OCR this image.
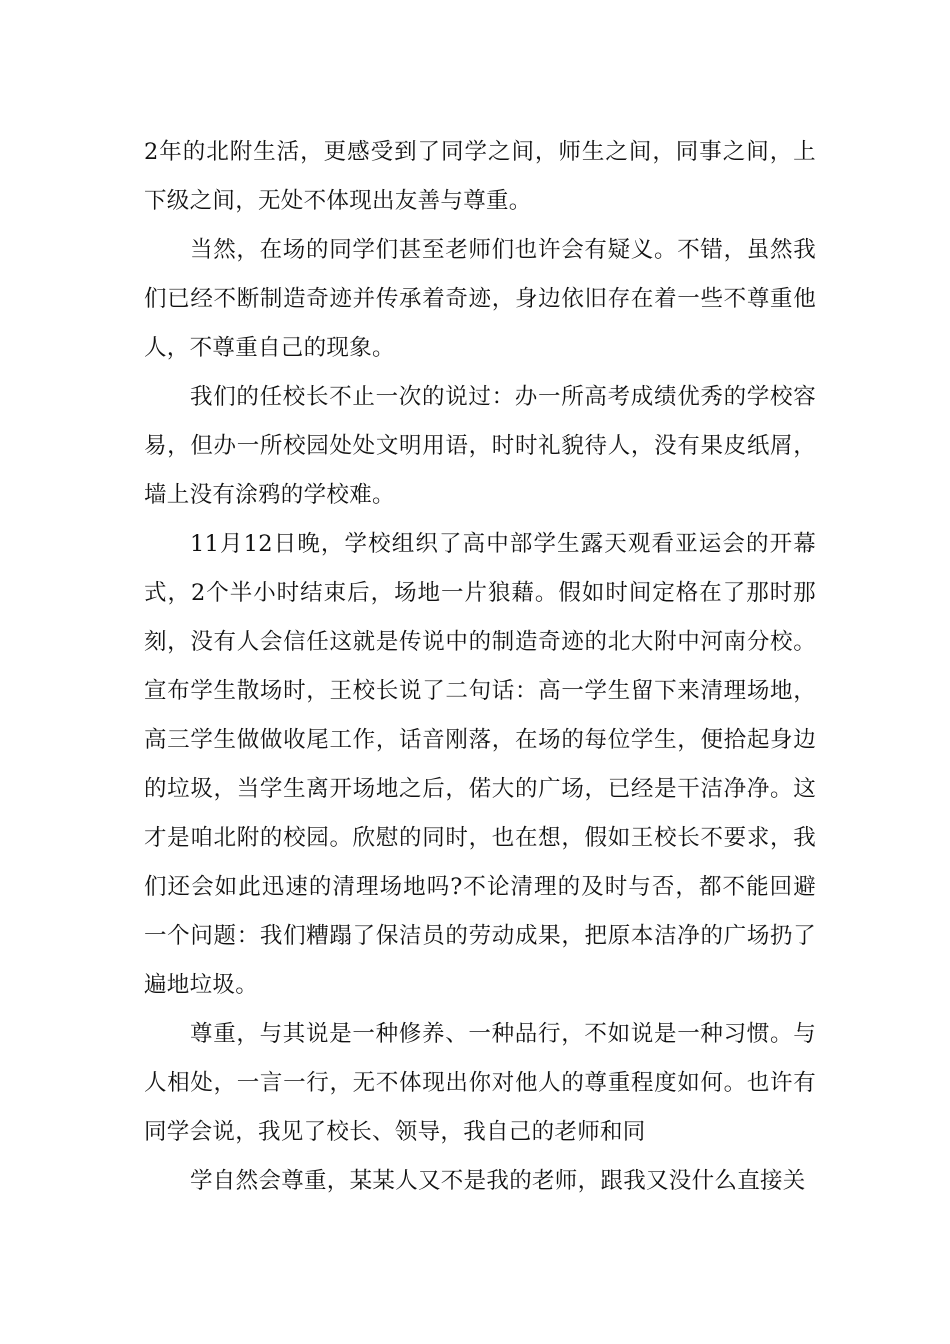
2年的北附生活，更感受到了同学之间，师生之间，同事之间，上下级之间，无处不体现出友善与尊重。

当然，在场的同学们甚至老师们也许会有疑义。不错，虽然我们已经不断制造奇迹并传承着奇迹，身边依旧存在着一些不尊重他人，不尊重自己的现象。

我们的任校长不止一次的说过：办一所高考成绩优秀的学校容易，但办一所校园处处文明用语，时时礼貌待人，没有果皮纸屑，墙上没有涂鸦的学校难。

11月12日晚，学校组织了高中部学生露天观看亚运会的开幕式，2个半小时结束后，场地一片狼藉。假如时间定格在了那时那刻，没有人会信任这就是传说中的制造奇迹的北大附中河南分校。宣布学生散场时，王校长说了二句话：高一学生留下来清理场地，高三学生做做收尾工作，话音刚落，在场的每位学生，便拾起身边的垃圾，当学生离开场地之后，偌大的广场，已经是干洁净净。这才是咱北附的校园。欣慰的同时，也在想，假如王校长不要求，我们还会如此迅速的清理场地吗?不论清理的及时与否，都不能回避一个问题：我们糟蹋了保洁员的劳动成果，把原本洁净的广场扔了遍地垃圾。

尊重，与其说是一种修养、一种品行，不如说是一种习惯。与人相处，一言一行，无不体现出你对他人的尊重程度如何。也许有同学会说，我见了校长、领导，我自己的老师和同

学自然会尊重，某某人又不是我的老师，跟我又没什么直接关
